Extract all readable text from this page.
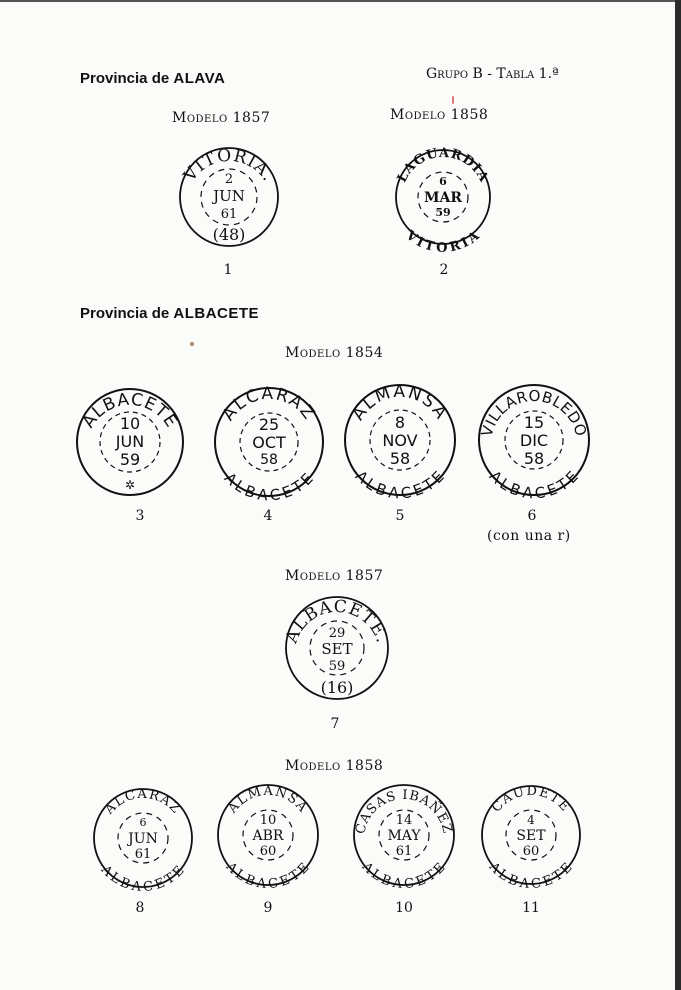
Provincia de ALAVA	Grupo B - Tabla 1.ª
Modelo 1857	Modelo 1858
Provincia de ALBACETE
Modelo 1854
Modelo 1857
Modelo 1858
VITORIA.
2
JUN
61
(48)
1
LAGUARDIA
VITORIA
6
MAR
59
2
ALBACETE
10
JUN
59
✲
3
ALCARAZ
ALBACETE
25
OCT
58
4
ALMANSA
ALBACETE
8
NOV
58
5
VILLAROBLEDO
ALBACETE
15
DIC
58
6
(con una r)
ALBACETE.
29
SET
59
(16)
7
ALCARAZ
ALBACETE
6
JUN
61
8
ALMANSA
ALBACETE
10
ABR
60
9
CASAS IBAÑEZ
ALBACETE
14
MAY
61
10
CAUDETE
ALBACETE
4
SET
60
11
